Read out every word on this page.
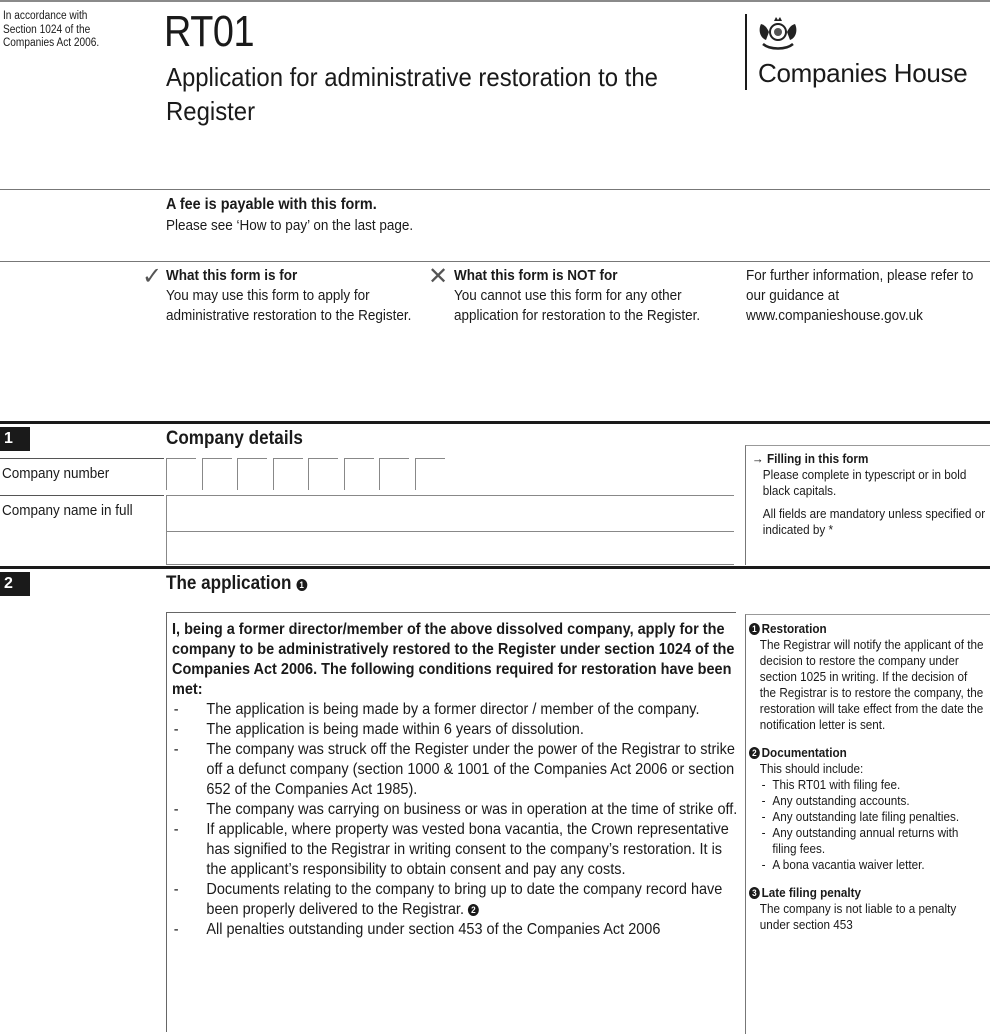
In accordance with Section 1024 of the Companies Act 2006.	RT01
Application for administrative restoration to the Register
Companies House
A fee is payable with this form.
Please see ‘How to pay’ on the last page.
✓ What this form is for
You may use this form to apply for administrative restoration to the Register.
✕ What this form is NOT for
You cannot use this form for any other application for restoration to the Register.
For further information, please refer to our guidance at www.companieshouse.gov.uk
1	Company details
Company number
Company name in full

→ Filling in this form

Please complete in typescript or in bold black capitals.

All fields are mandatory unless specified or indicated by *

2	The application 1

I, being a former director/member of the above dissolved company, apply for the company to be administratively restored to the Register under section 1024 of the Companies Act 2006. The following conditions required for restoration have been met:

- The application is being made by a former director / member of the company.
- The application is being made within 6 years of dissolution.
- The company was struck off the Register under the power of the Registrar to strike off a defunct company (section 1000 & 1001 of the Companies Act 2006 or section 652 of the Companies Act 1985).
- The company was carrying on business or was in operation at the time of strike off.
- If applicable, where property was vested bona vacantia, the Crown representative has signified to the Registrar in writing consent to the company’s restoration. It is the applicant’s responsibility to obtain consent and pay any costs.
- Documents relating to the company to bring up to date the company record have been properly delivered to the Registrar. 2
- All penalties outstanding under section 453 of the Companies Act 2006

1 Restoration

The Registrar will notify the applicant of the decision to restore the company under section 1025 in writing. If the decision of the Registrar is to restore the company, the restoration will take effect from the date the notification letter is sent.

2 Documentation

This should include:

- This RT01 with filing fee.
- Any outstanding accounts.
- Any outstanding late filing penalties.
- Any outstanding annual returns with filing fees.
- A bona vacantia waiver letter.

3 Late filing penalty

The company is not liable to a penalty under section 453
